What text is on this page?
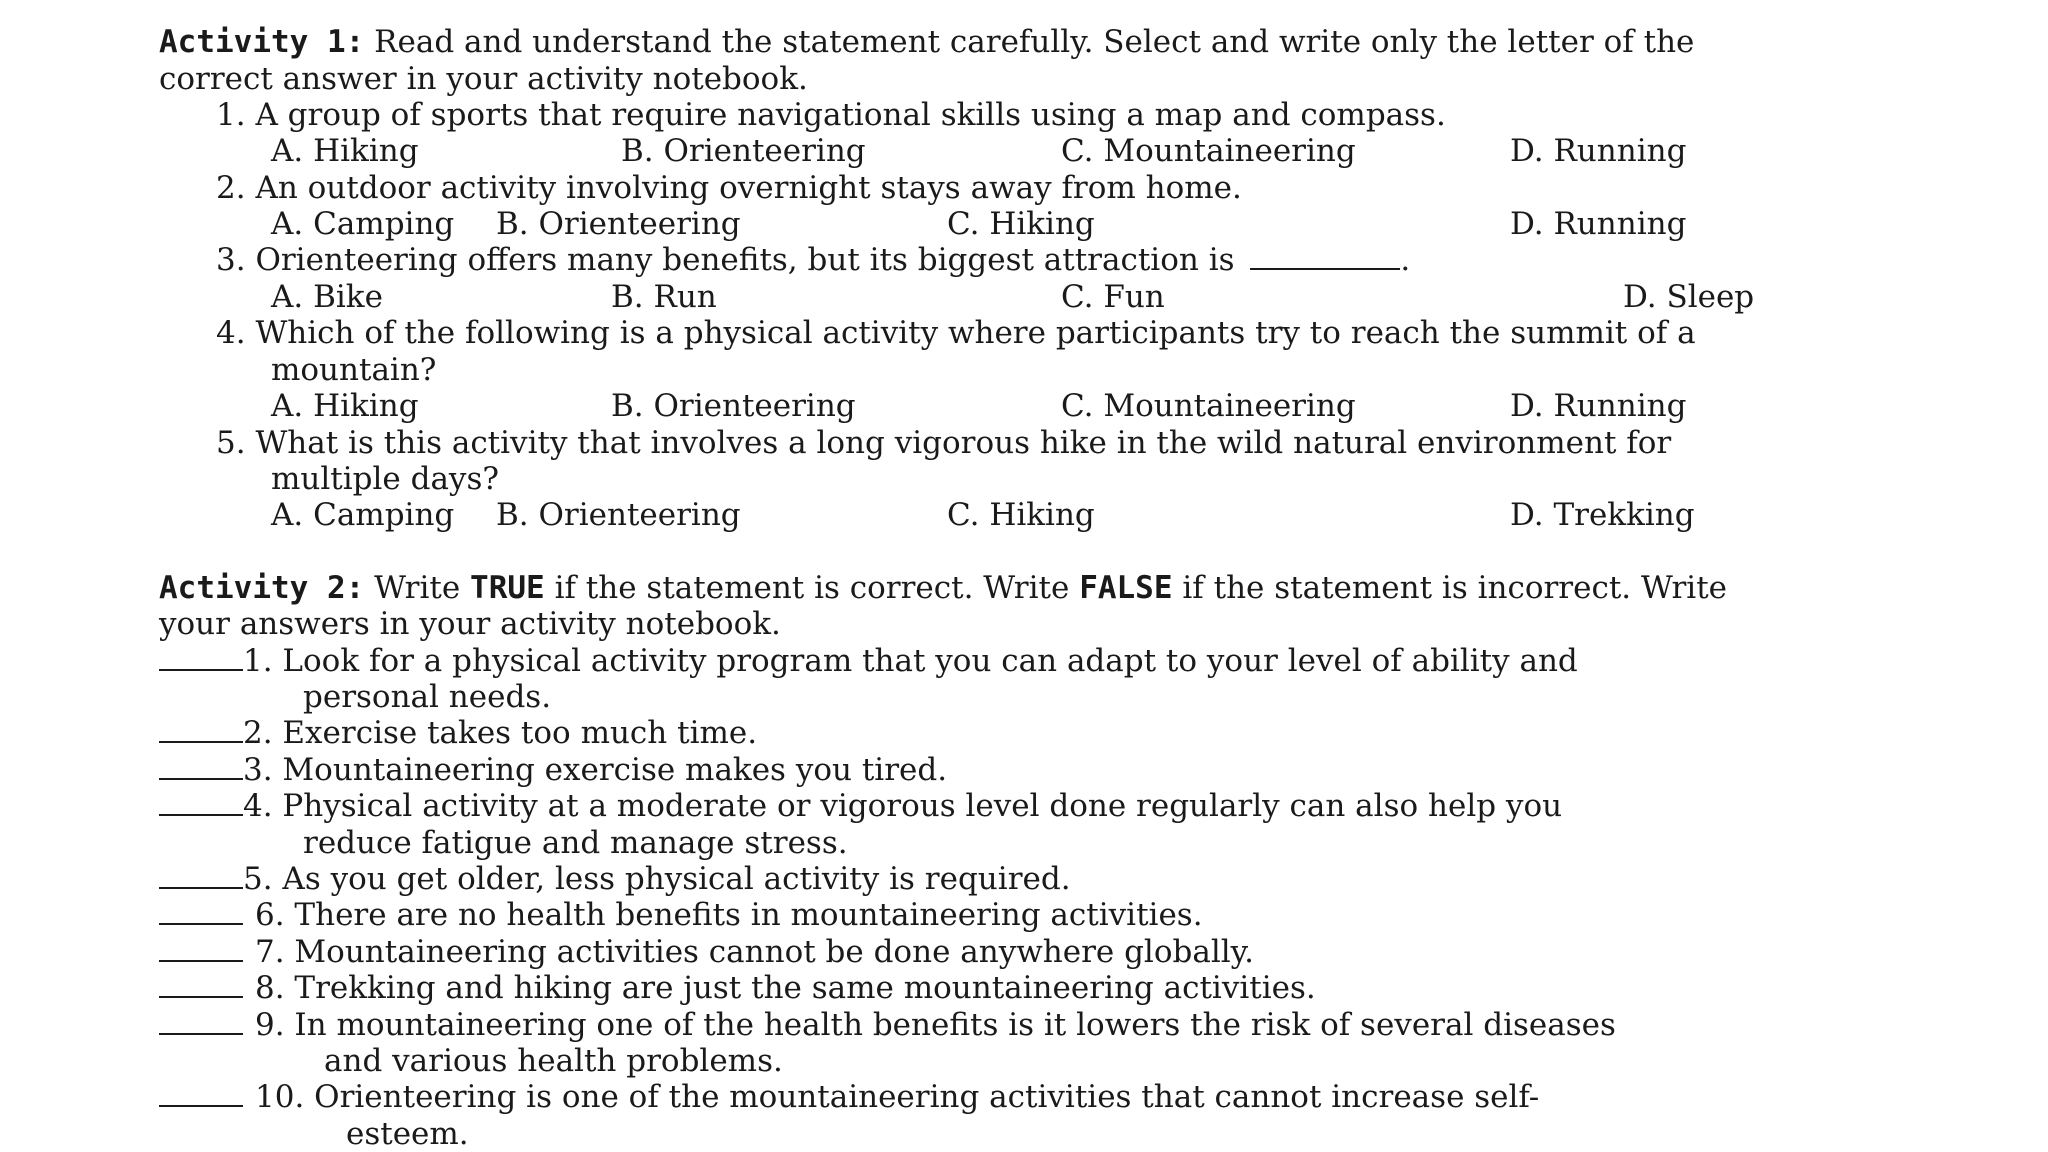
Activity 1: Read and understand the statement carefully. Select and write only the letter of the
correct answer in your activity notebook.
1. A group of sports that require navigational skills using a map and compass.
A. Hiking	B. Orienteering	C. Mountaineering	D. Running
2. An outdoor activity involving overnight stays away from home.
A. Camping B. Orienteering	C. Hiking	D. Running
3. Orienteering offers many benefits, but its biggest attraction is	.
A. Bike	B. Run	C. Fun	D. Sleep
4. Which of the following is a physical activity where participants try to reach the summit of a
mountain?
A. Hiking	B. Orienteering	C. Mountaineering	D. Running
5. What is this activity that involves a long vigorous hike in the wild natural environment for
multiple days?
A. Camping B. Orienteering	C. Hiking	D. Trekking
Activity 2: Write TRUE if the statement is correct. Write FALSE if the statement is incorrect. Write
your answers in your activity notebook.
1. Look for a physical activity program that you can adapt to your level of ability and
personal needs.
2. Exercise takes too much time.
3. Mountaineering exercise makes you tired.
4. Physical activity at a moderate or vigorous level done regularly can also help you
reduce fatigue and manage stress.
5. As you get older, less physical activity is required.
6. There are no health benefits in mountaineering activities.
7. Mountaineering activities cannot be done anywhere globally.
8. Trekking and hiking are just the same mountaineering activities.
9. In mountaineering one of the health benefits is it lowers the risk of several diseases
and various health problems.
10. Orienteering is one of the mountaineering activities that cannot increase self-
esteem.
